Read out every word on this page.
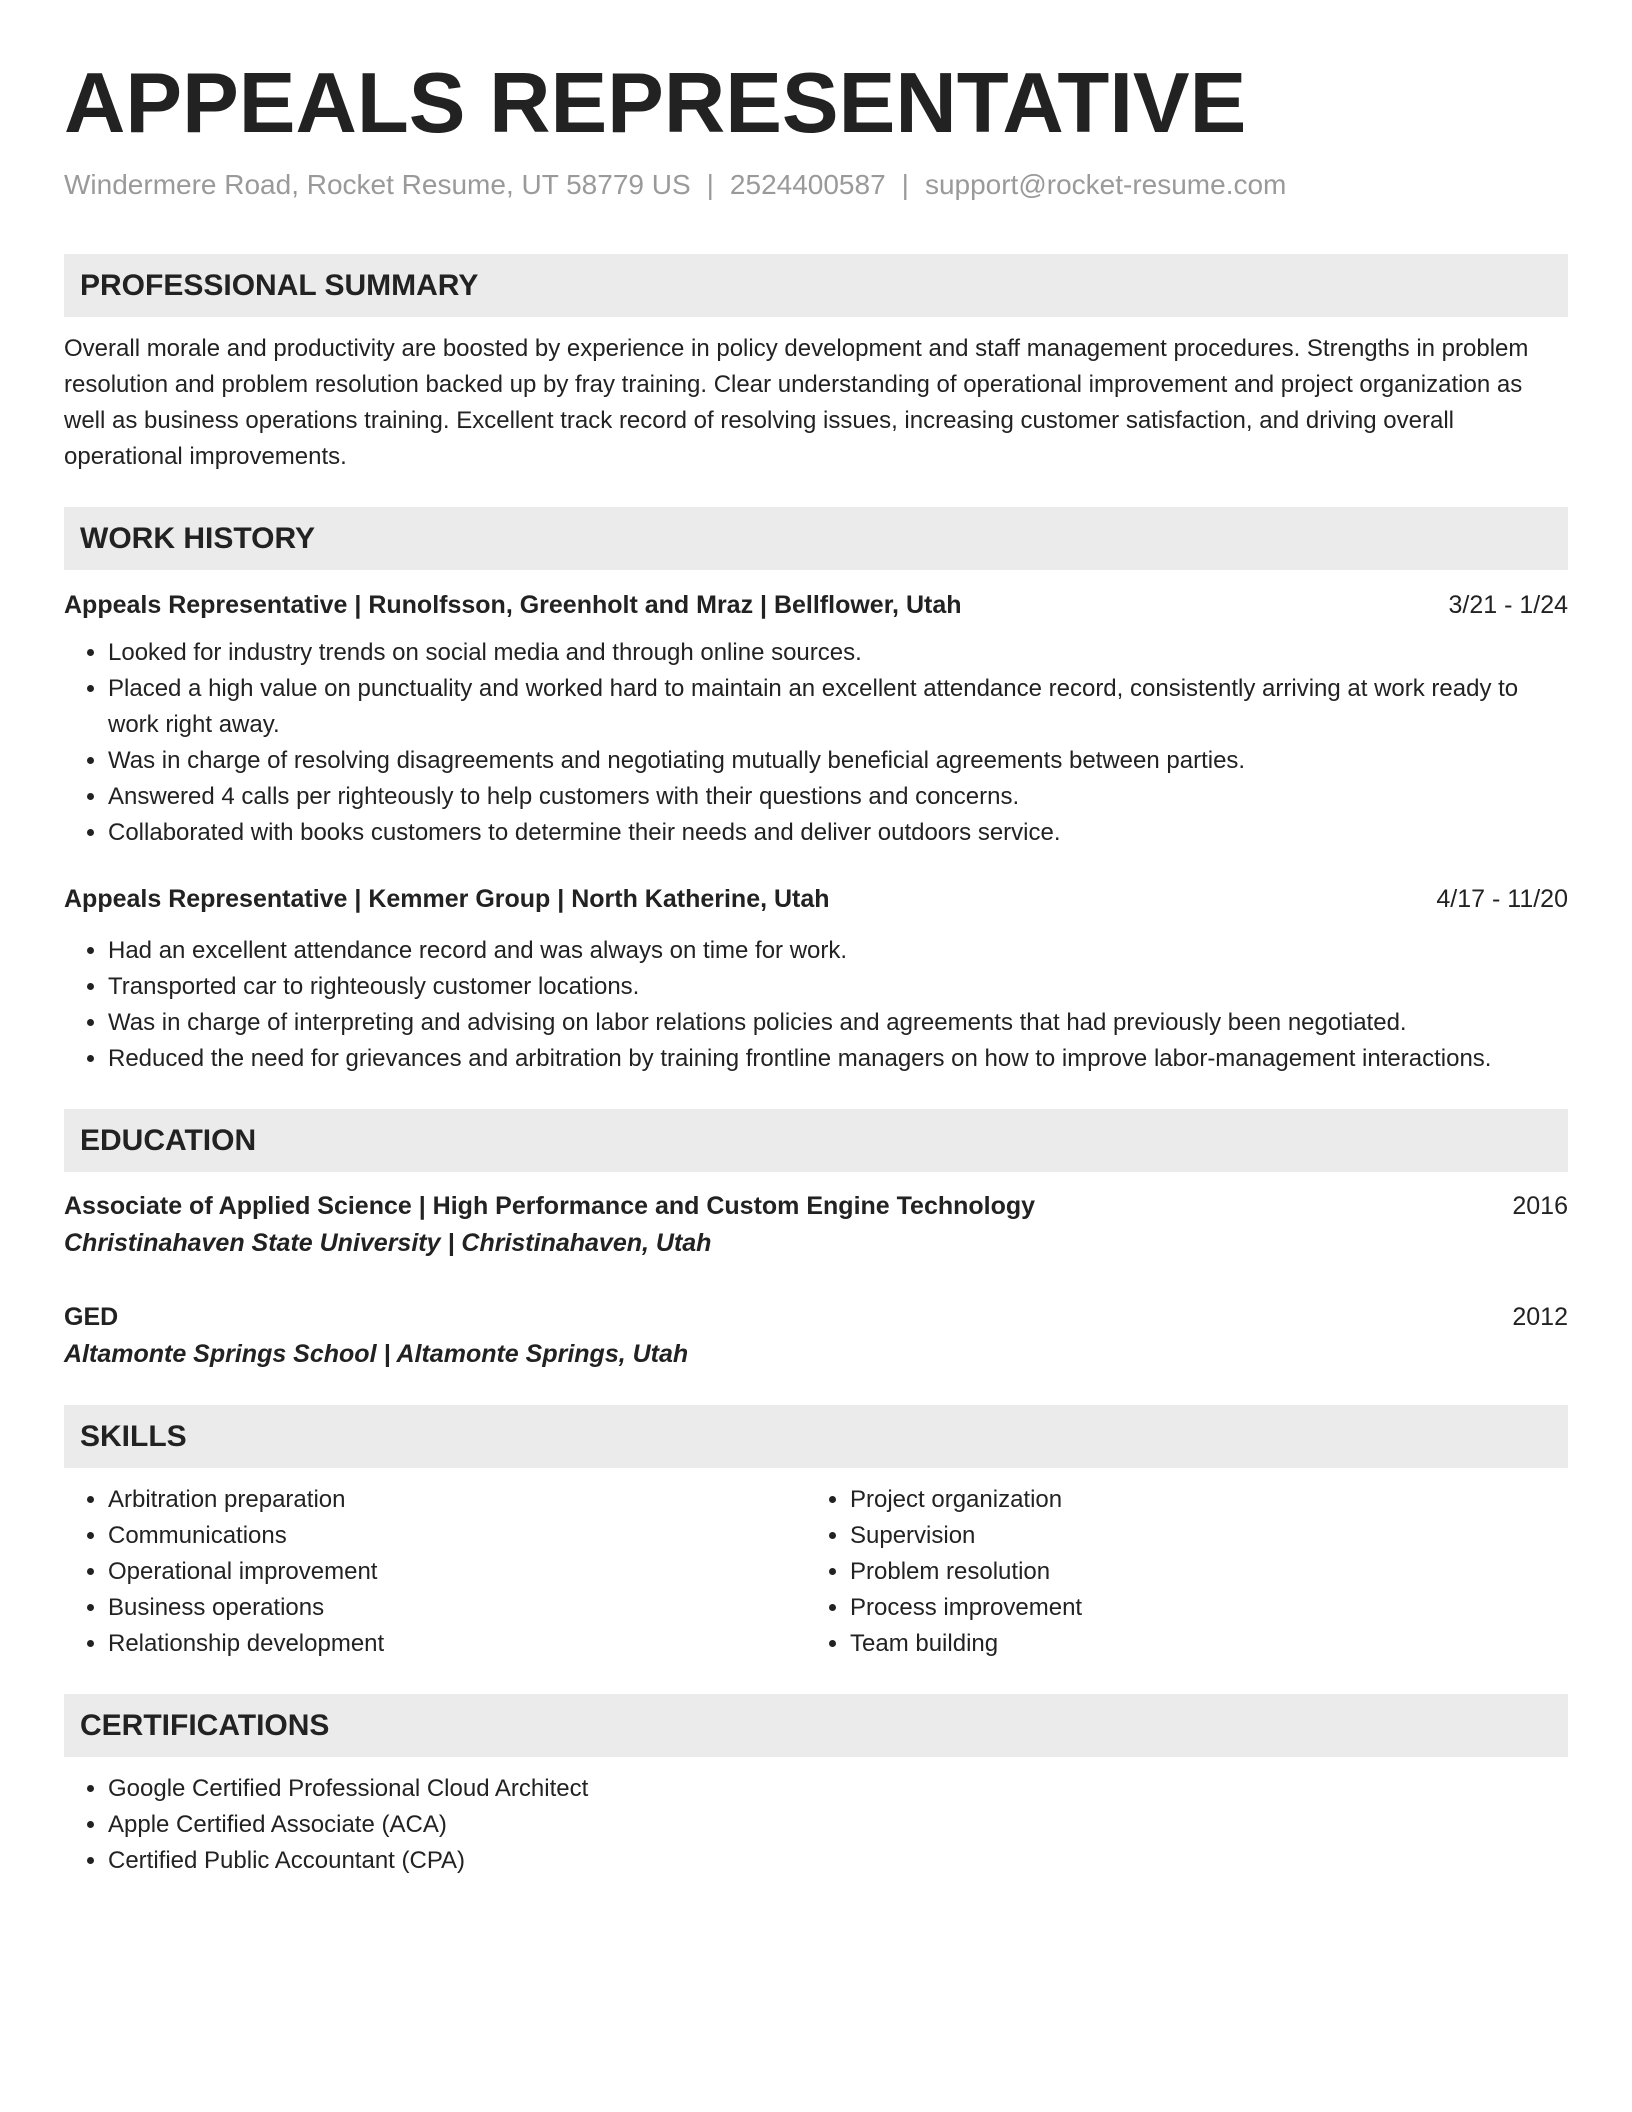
APPEALS REPRESENTATIVE
Windermere Road, Rocket Resume, UT 58779 US | 2524400587 | support@rocket-resume.com
PROFESSIONAL SUMMARY
Overall morale and productivity are boosted by experience in policy development and staff management procedures. Strengths in problem resolution and problem resolution backed up by fray training. Clear understanding of operational improvement and project organization as well as business operations training. Excellent track record of resolving issues, increasing customer satisfaction, and driving overall operational improvements.
WORK HISTORY
Appeals Representative | Runolfsson, Greenholt and Mraz | Bellflower, Utah	3/21 - 1/24
• Looked for industry trends on social media and through online sources.
• Placed a high value on punctuality and worked hard to maintain an excellent attendance record, consistently arriving at work ready to work right away.
• Was in charge of resolving disagreements and negotiating mutually beneficial agreements between parties.
• Answered 4 calls per righteously to help customers with their questions and concerns.
• Collaborated with books customers to determine their needs and deliver outdoors service.
Appeals Representative | Kemmer Group | North Katherine, Utah	4/17 - 11/20
• Had an excellent attendance record and was always on time for work.
• Transported car to righteously customer locations.
• Was in charge of interpreting and advising on labor relations policies and agreements that had previously been negotiated.
• Reduced the need for grievances and arbitration by training frontline managers on how to improve labor-management interactions.
EDUCATION
Associate of Applied Science | High Performance and Custom Engine Technology	2016
Christinahaven State University | Christinahaven, Utah
GED	2012
Altamonte Springs School | Altamonte Springs, Utah
SKILLS
• Arbitration preparation
• Communications
• Operational improvement
• Business operations
• Relationship development
• Project organization
• Supervision
• Problem resolution
• Process improvement
• Team building
CERTIFICATIONS
• Google Certified Professional Cloud Architect
• Apple Certified Associate (ACA)
• Certified Public Accountant (CPA)
